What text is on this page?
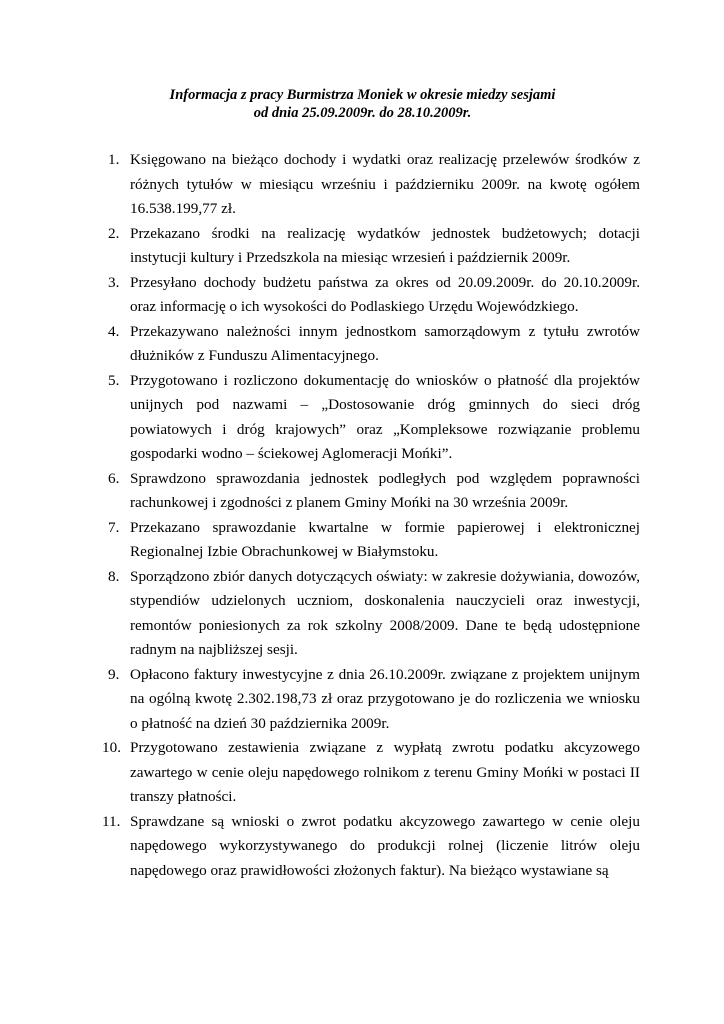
Informacja z pracy Burmistrza Moniek w okresie miedzy sesjami

od dnia 25.09.2009r. do 28.10.2009r.

1. Księgowano na bieżąco dochody i wydatki oraz realizację przelewów środków z różnych tytułów w miesiącu wrześniu i październiku 2009r. na kwotę ogółem 16.538.199,77 zł.
2. Przekazano środki na realizację wydatków jednostek budżetowych; dotacji instytucji kultury i Przedszkola na miesiąc wrzesień i październik 2009r.
3. Przesyłano dochody budżetu państwa za okres od 20.09.2009r. do 20.10.2009r. oraz informację o ich wysokości do Podlaskiego Urzędu Wojewódzkiego.
4. Przekazywano należności innym jednostkom samorządowym z tytułu zwrotów dłużników z Funduszu Alimentacyjnego.
5. Przygotowano i rozliczono dokumentację do wniosków o płatność dla projektów unijnych pod nazwami – „Dostosowanie dróg gminnych do sieci dróg powiatowych i dróg krajowych” oraz „Kompleksowe rozwiązanie problemu gospodarki wodno – ściekowej Aglomeracji Mońki”.
6. Sprawdzono sprawozdania jednostek podległych pod względem poprawności rachunkowej i zgodności z planem Gminy Mońki na 30 września 2009r.
7. Przekazano sprawozdanie kwartalne w formie papierowej i elektronicznej Regionalnej Izbie Obrachunkowej w Białymstoku.
8. Sporządzono zbiór danych dotyczących oświaty: w zakresie dożywiania, dowozów, stypendiów udzielonych uczniom, doskonalenia nauczycieli oraz inwestycji, remontów poniesionych za rok szkolny 2008/2009. Dane te będą udostępnione radnym na najbliższej sesji.
9. Opłacono faktury inwestycyjne z dnia 26.10.2009r. związane z projektem unijnym na ogólną kwotę 2.302.198,73 zł oraz przygotowano je do rozliczenia we wniosku o płatność na dzień 30 października 2009r.
10. Przygotowano zestawienia związane z wypłatą zwrotu podatku akcyzowego zawartego w cenie oleju napędowego rolnikom z terenu Gminy Mońki w postaci II transzy płatności.
11. Sprawdzane są wnioski o zwrot podatku akcyzowego zawartego w cenie oleju napędowego wykorzystywanego do produkcji rolnej (liczenie litrów oleju napędowego oraz prawidłowości złożonych faktur). Na bieżąco wystawiane są
